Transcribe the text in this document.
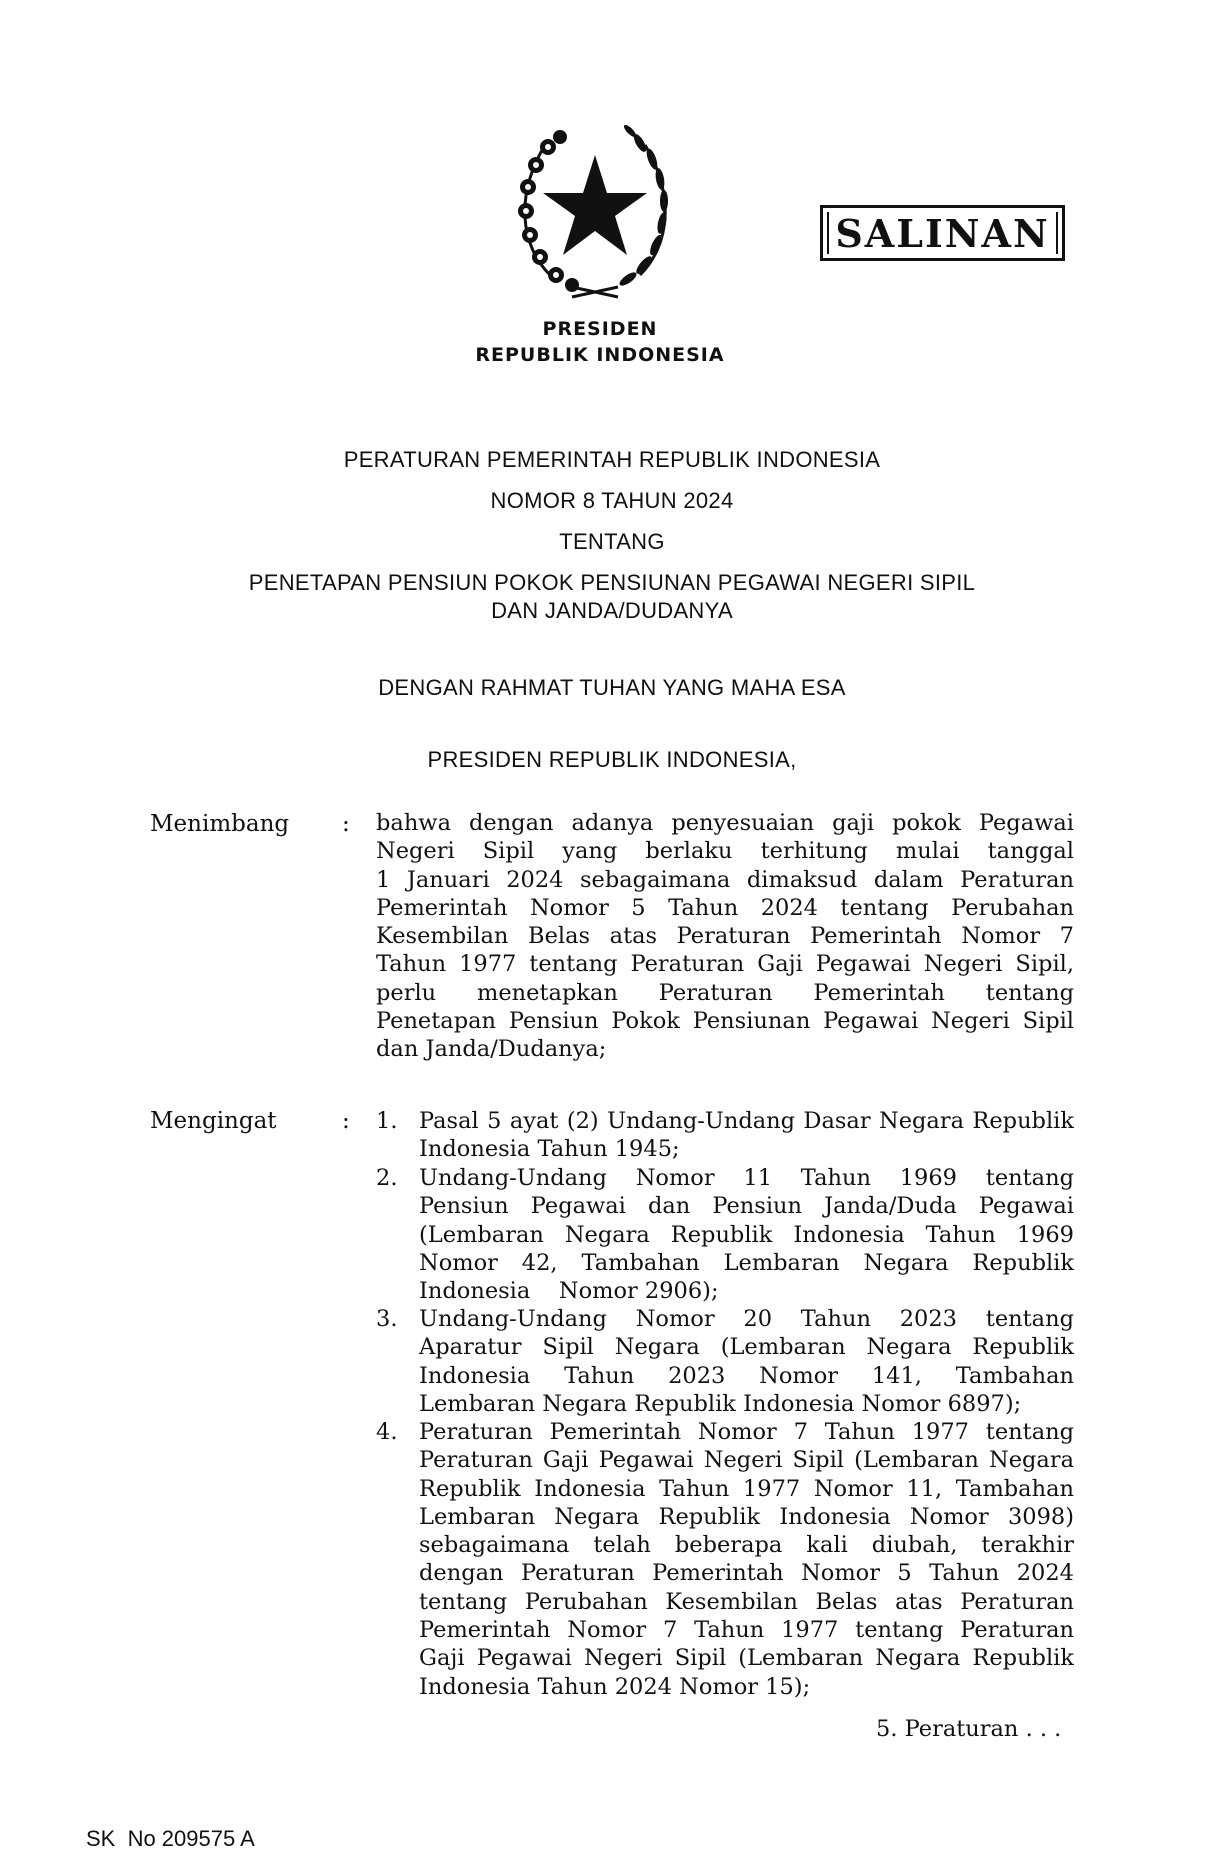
SALINAN
PRESIDEN
REPUBLIK INDONESIA
PERATURAN PEMERINTAH REPUBLIK INDONESIA
NOMOR 8 TAHUN 2024
TENTANG
PENETAPAN PENSIUN POKOK PENSIUNAN PEGAWAI NEGERI SIPIL
DAN JANDA/DUDANYA
DENGAN RAHMAT TUHAN YANG MAHA ESA
PRESIDEN REPUBLIK INDONESIA,
Menimbang : bahwa dengan adanya penyesuaian gaji pokok Pegawai
Negeri Sipil yang berlaku terhitung mulai tanggal
1 Januari 2024 sebagaimana dimaksud dalam Peraturan
Pemerintah Nomor 5 Tahun 2024 tentang Perubahan
Kesembilan Belas atas Peraturan Pemerintah Nomor 7
Tahun 1977 tentang Peraturan Gaji Pegawai Negeri Sipil,
perlu menetapkan Peraturan Pemerintah tentang
Penetapan Pensiun Pokok Pensiunan Pegawai Negeri Sipil
dan Janda/Dudanya;
Mengingat	: 1. Pasal 5 ayat (2) Undang-Undang Dasar Negara Republik
Indonesia Tahun 1945;
2. Undang-Undang Nomor 11 Tahun 1969 tentang
Pensiun Pegawai dan Pensiun Janda/Duda Pegawai
(Lembaran Negara Republik Indonesia Tahun 1969
Nomor 42, Tambahan Lembaran Negara Republik
Indonesia    Nomor 2906);
3. Undang-Undang Nomor 20 Tahun 2023 tentang
Aparatur Sipil Negara (Lembaran Negara Republik
Indonesia Tahun 2023 Nomor 141, Tambahan
Lembaran Negara Republik Indonesia Nomor 6897);
4. Peraturan Pemerintah Nomor 7 Tahun 1977 tentang
Peraturan Gaji Pegawai Negeri Sipil (Lembaran Negara
Republik Indonesia Tahun 1977 Nomor 11, Tambahan
Lembaran Negara Republik Indonesia Nomor 3098)
sebagaimana telah beberapa kali diubah, terakhir
dengan Peraturan Pemerintah Nomor 5 Tahun 2024
tentang Perubahan Kesembilan Belas atas Peraturan
Pemerintah Nomor 7 Tahun 1977 tentang Peraturan
Gaji Pegawai Negeri Sipil (Lembaran Negara Republik
Indonesia Tahun 2024 Nomor 15);
5. Peraturan . . .
SK  No 209575 A
